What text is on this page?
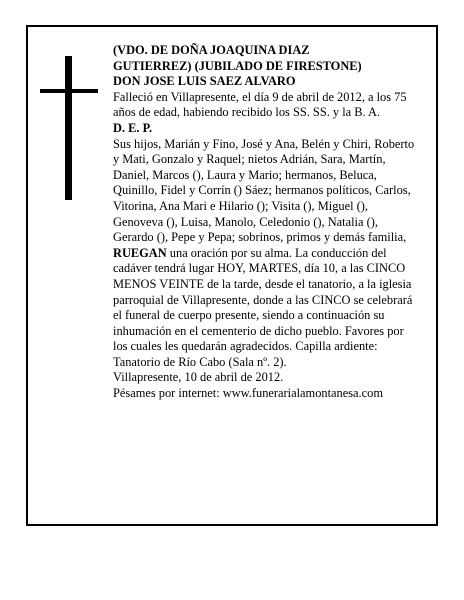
(VDO. DE DOÑA JOAQUINA DIAZ

GUTIERREZ) (JUBILADO DE FIRESTONE)

DON JOSE LUIS SAEZ ALVARO

Falleció en Villapresente, el día 9 de abril de 2012, a los 75 años de edad, habiendo recibido los SS. SS. y la B. A.

D. E. P.

Sus hijos, Marián y Fino, José y Ana, Belén y Chiri, Roberto y Mati, Gonzalo y Raquel; nietos Adrián, Sara, Martín, Daniel, Marcos (), Laura y Mario; hermanos, Beluca, Quinillo, Fidel y Corrín () Sáez; hermanos políticos, Carlos, Vitorina, Ana Mari e Hilario (); Visita (), Miguel (), Genoveva (), Luisa, Manolo, Celedonio (), Natalia (), Gerardo (), Pepe y Pepa; sobrinos, primos y demás familia,

RUEGAN una oración por su alma. La conducción del cadáver tendrá lugar HOY, MARTES, día 10, a las CINCO MENOS VEINTE de la tarde, desde el tanatorio, a la iglesia parroquial de Villapresente, donde a las CINCO se celebrará el funeral de cuerpo presente, siendo a continuación su inhumación en el cementerio de dicho pueblo. Favores por los cuales les quedarán agradecidos. Capilla ardiente: Tanatorio de Río Cabo (Sala nº. 2).

Villapresente, 10 de abril de 2012.

Pésames por internet: www.funerarialamontanesa.com
